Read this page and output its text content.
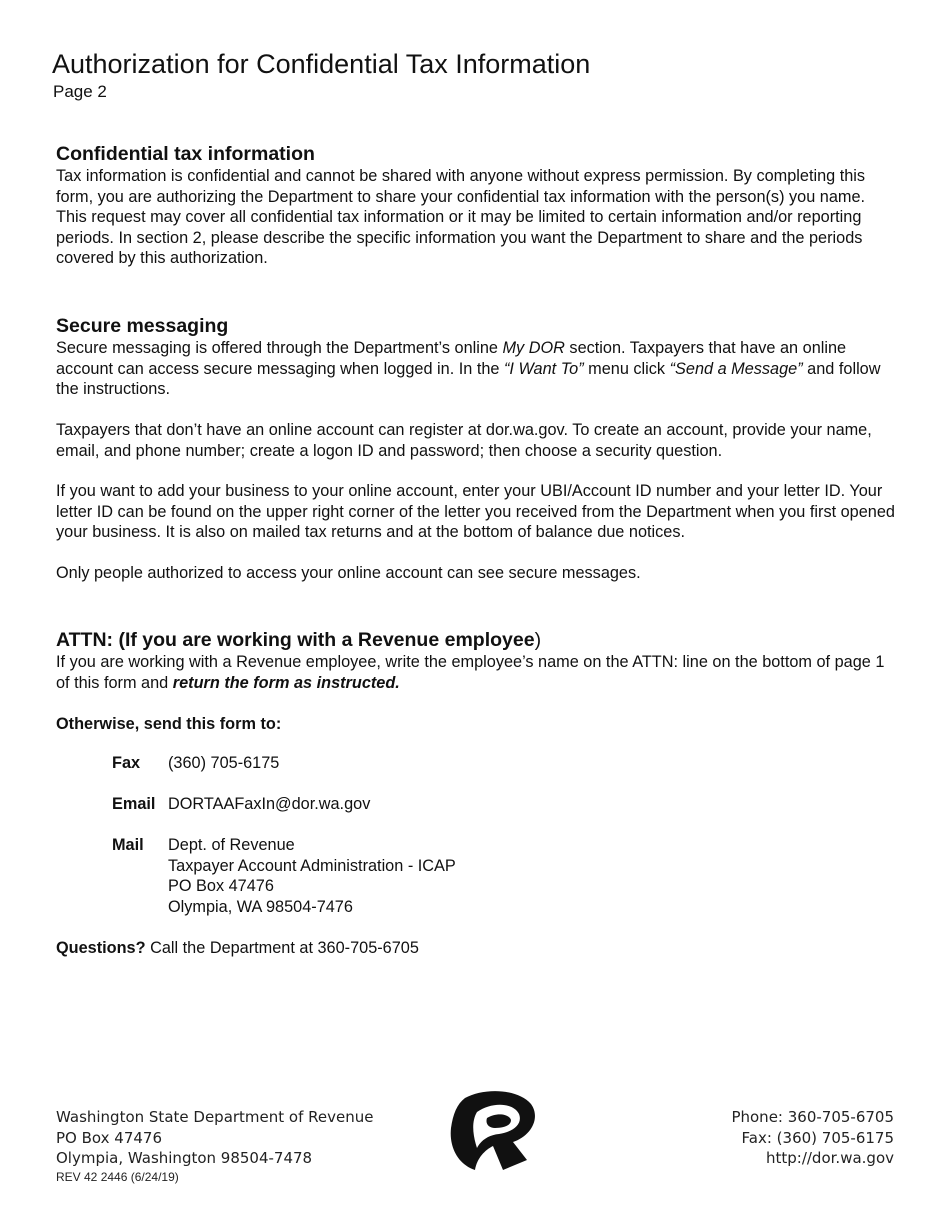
Authorization for Confidential Tax Information
Page 2
Confidential tax information

Tax information is confidential and cannot be shared with anyone without express permission. By completing this form, you are authorizing the Department to share your confidential tax information with the person(s) you name. This request may cover all confidential tax information or it may be limited to certain information and/or reporting periods. In section 2, please describe the specific information you want the Department to share and the periods covered by this authorization.

Secure messaging

Secure messaging is offered through the Department’s online My DOR section. Taxpayers that have an online account can access secure messaging when logged in. In the “I Want To” menu click “Send a Message” and follow the instructions.

Taxpayers that don’t have an online account can register at dor.wa.gov. To create an account, provide your name, email, and phone number; create a logon ID and password; then choose a security question.

If you want to add your business to your online account, enter your UBI/Account ID number and your letter ID. Your letter ID can be found on the upper right corner of the letter you received from the Department when you first opened your business. It is also on mailed tax returns and at the bottom of balance due notices.

Only people authorized to access your online account can see secure messages.

ATTN: (If you are working with a Revenue employee)

If you are working with a Revenue employee, write the employee’s name on the ATTN: line on the bottom of page 1 of this form and return the form as instructed.

Otherwise, send this form to:

Fax (360) 705-6175
Email DORTAAFaxIn@dor.wa.gov
Mail Dept. of Revenue
Taxpayer Account Administration - ICAP
PO Box 47476
Olympia, WA 98504-7476

Questions? Call the Department at 360-705-6705

Washington State Department of Revenue
PO Box 47476
Olympia, Washington 98504-7478
REV 42 2446 (6/24/19)
Phone: 360-705-6705
Fax: (360) 705-6175
http://dor.wa.gov
